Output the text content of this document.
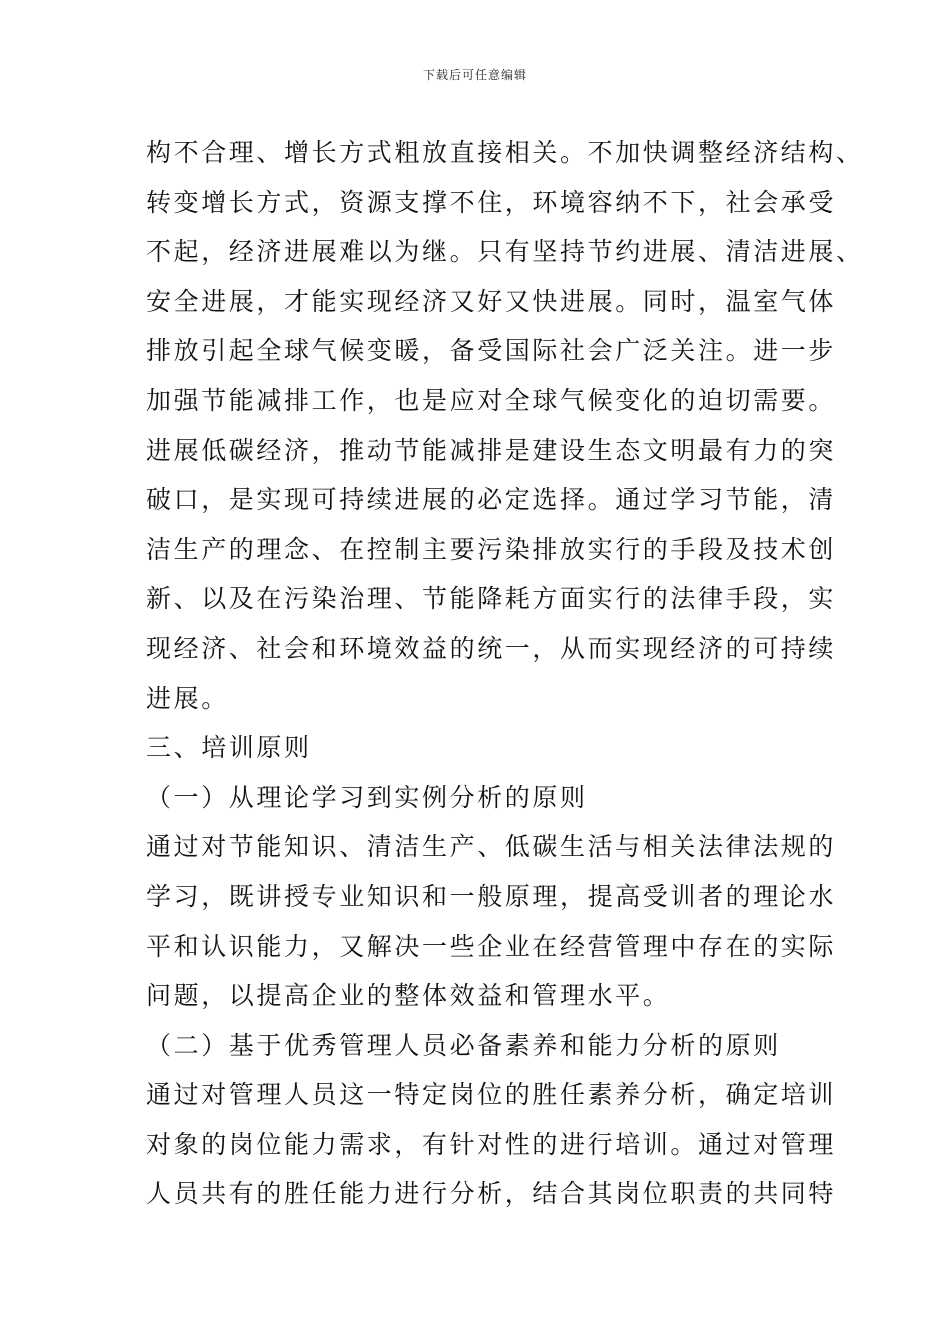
下载后可任意编辑
构不合理、增长方式粗放直接相关。不加快调整经济结构、
转变增长方式，资源支撑不住，环境容纳不下，社会承受
不起，经济进展难以为继。只有坚持节约进展、清洁进展、
安全进展，才能实现经济又好又快进展。同时，温室气体
排放引起全球气候变暖，备受国际社会广泛关注。进一步
加强节能减排工作，也是应对全球气候变化的迫切需要。
进展低碳经济，推动节能减排是建设生态文明最有力的突
破口，是实现可持续进展的必定选择。通过学习节能，清
洁生产的理念、在控制主要污染排放实行的手段及技术创
新、以及在污染治理、节能降耗方面实行的法律手段，实
现经济、社会和环境效益的统一，从而实现经济的可持续
进展。
三、培训原则
（一）从理论学习到实例分析的原则
通过对节能知识、清洁生产、低碳生活与相关法律法规的
学习，既讲授专业知识和一般原理，提高受训者的理论水
平和认识能力，又解决一些企业在经营管理中存在的实际
问题，以提高企业的整体效益和管理水平。
（二）基于优秀管理人员必备素养和能力分析的原则
通过对管理人员这一特定岗位的胜任素养分析，确定培训
对象的岗位能力需求，有针对性的进行培训。通过对管理
人员共有的胜任能力进行分析，结合其岗位职责的共同特
